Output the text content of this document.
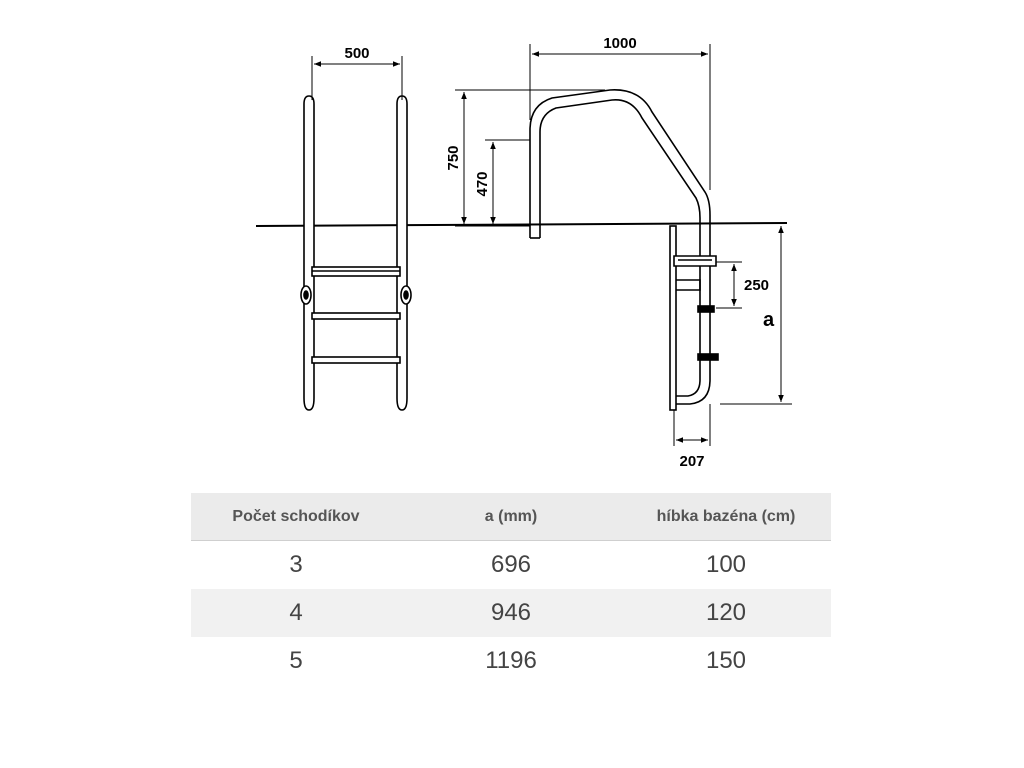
500
1000
750
470
250
a
207
Počet schodíkov	a (mm)	híbka bazéna (cm)
3	696	100
4	946	120
5	1196	150
